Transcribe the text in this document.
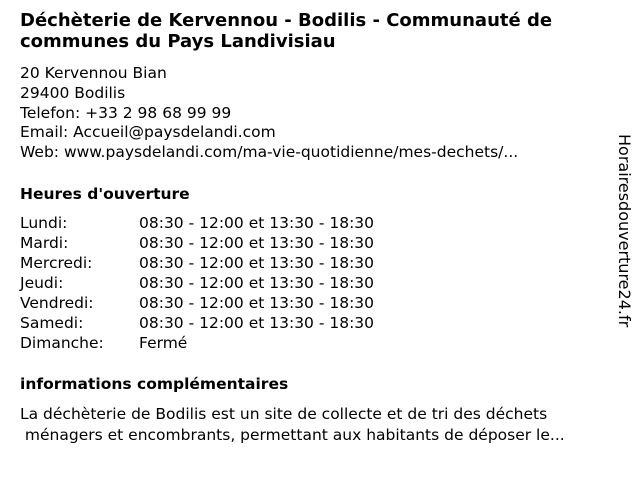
Déchèterie de Kervennou - Bodilis - Communauté de
communes du Pays Landivisiau
20 Kervennou Bian
29400 Bodilis
Telefon: +33 2 98 68 99 99
Email: Accueil@paysdelandi.com
Web: www.paysdelandi.com/ma-vie-quotidienne/mes-dechets/...
Heures d'ouverture
Lundi:	08:30 - 12:00 et 13:30 - 18:30
Mardi:	08:30 - 12:00 et 13:30 - 18:30
Mercredi:	08:30 - 12:00 et 13:30 - 18:30
Jeudi:	08:30 - 12:00 et 13:30 - 18:30
Vendredi:	08:30 - 12:00 et 13:30 - 18:30
Samedi:	08:30 - 12:00 et 13:30 - 18:30
Dimanche: Fermé
informations complémentaires
La déchèterie de Bodilis est un site de collecte et de tri des déchets
ménagers et encombrants, permettant aux habitants de déposer le...
Horairesdouverture24.fr
